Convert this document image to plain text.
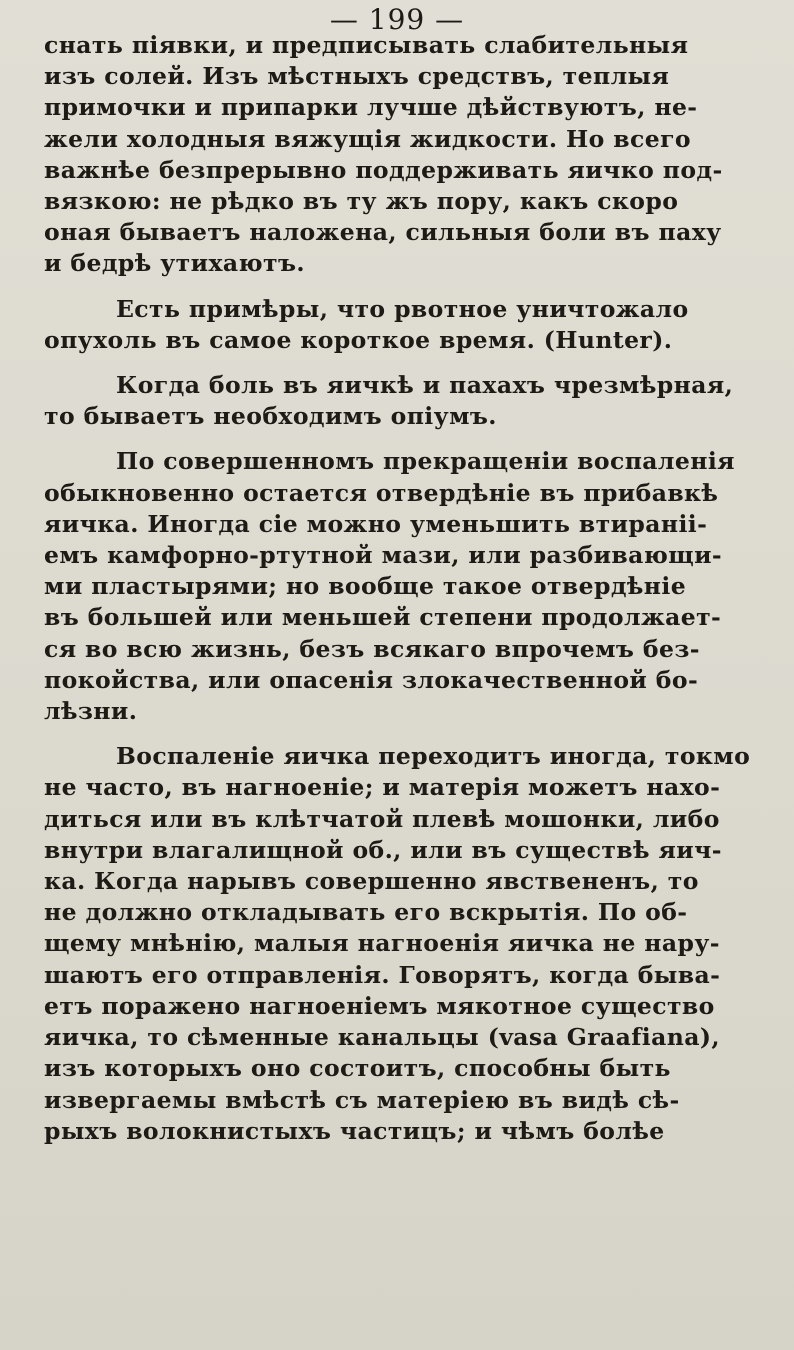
— 199 —
снать піявки, и предписывать слабительныя
изъ солей. Изъ мѣстныхъ средствъ, теплыя
примочки и припарки лучше дѣйствуютъ, не-
жели холодныя вяжущія жидкости. Но всего
важнѣе безпрерывно поддерживать яичко под-
вязкою: не рѣдко въ ту жъ пору, какъ скоро
оная бываетъ наложена, сильныя боли въ паху
и бедрѣ утихаютъ.
Есть примѣры, что рвотное уничтожало
опухоль въ самое короткое время. (Hunter).
Когда боль въ яичкѣ и пахахъ чрезмѣрная,
то бываетъ необходимъ опіумъ.
По совершенномъ прекращеніи воспаленія
обыкновенно остается отвердѣніе въ прибавкѣ
яичка. Иногда сіе можно уменьшить втираніі-
емъ камфорно-ртутной мази, или разбивающи-
ми пластырями; но вообще такое отвердѣніе
въ большей или меньшей степени продолжает-
ся во всю жизнь, безъ всякаго впрочемъ без-
покойства, или опасенія злокачественной бо-
лѣзни.
Воспаленіе яичка переходитъ иногда, токмо
не часто, въ нагноеніе; и матерія можетъ нахо-
диться или въ клѣтчатой плевѣ мошонки, либо
внутри влагалищной об., или въ существѣ яич-
ка. Когда нарывъ совершенно явствененъ, то
не должно откладывать его вскрытія. По об-
щему мнѣнію, малыя нагноенія яичка не нару-
шаютъ его отправленія. Говорятъ, когда быва-
етъ поражено нагноеніемъ мякотное существо
яичка, то сѣменные канальцы (vasa Graafiana),
изъ которыхъ оно состоитъ, способны быть
извергаемы вмѣстѣ съ матеріею въ видѣ сѣ-
рыхъ волокнистыхъ частицъ; и чѣмъ болѣе
